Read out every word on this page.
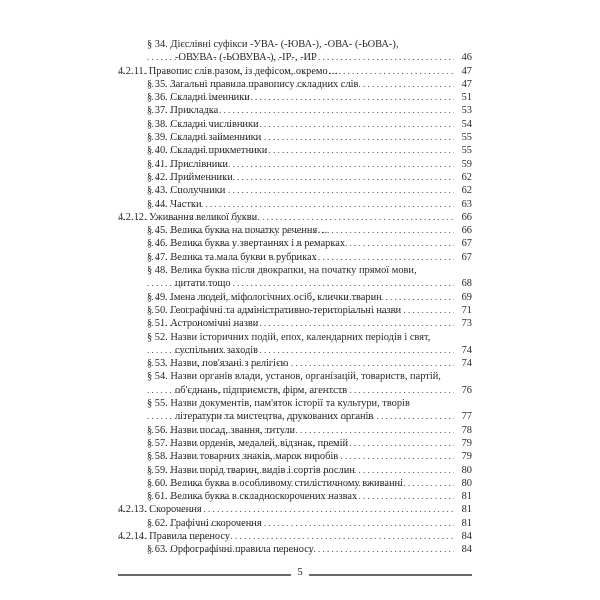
§ 34. Дієслівні суфікси -УВА- (-ЮВА-), -ОВА- (-ЬОВА-),
-ОВУВА- (-ЬОВУВА-), -ІР-, -ИР	46
. . .
4.2.11. Правопис слів разом, із дефісом, окремо…	47
. . .
§ 35. Загальні правила правопису складних слів	47
. . .
§ 36. Складні іменники	51
. . .
§ 37. Прикладка	53
. . .
§ 38. Складні числівники	54
. . .
§ 39. Складні займенники	55
. . .
§ 40. Складні прикметники	55
. . .
§ 41. Прислівники	59
. . .
§ 42. Прийменники	62
. . .
§ 43. Сполучники	62
. . .
§ 44. Частки	63
. . .
4.2.12. Уживання великої букви	66
. . .
§ 45. Велика буква на початку речення…	66
. . .
§ 46. Велика буква у звертаннях і в ремарках	67
. . .
§ 47. Велика та мала букви в рубриках	67
. . .
§ 48. Велика буква після двокрапки, на початку прямої мови,
цитати тощо	68
. . .
§ 49. Імена людей, міфологічних осіб, клички тварин	69
. . .
§ 50. Географічні та адміністративно-територіальні назви	71
. . .
§ 51. Астрономічні назви	73
. . .
§ 52. Назви історичних подій, епох, календарних періодів і свят,
суспільних заходів	74
. . .
§ 53. Назви, пов'язані з релігією	74
. . .
§ 54. Назви органів влади, установ, організацій, товариств, партій,
об'єднань, підприємств, фірм, агентств	76
. . .
§ 55. Назви документів, пам'яток історії та культури, творів
літератури та мистецтва, друкованих органів	77
. . .
§ 56. Назви посад, звання, титули	78
. . .
§ 57. Назви орденів, медалей, відзнак, премій	79
. . .
§ 58. Назви товарних знаків, марок виробів	79
. . .
§ 59. Назви порід тварин, видів і сортів рослин	80
. . .
§ 60. Велика буква в особливому стилістичному вживанні	80
. . .
§ 61. Велика буква в складноскорочених назвах	81
. . .
4.2.13. Скорочення	81
. . .
§ 62. Графічні скорочення	81
. . .
4.2.14. Правила переносу	84
. . .
§ 63. Орфографічні правила переносу	84
. . .
5
